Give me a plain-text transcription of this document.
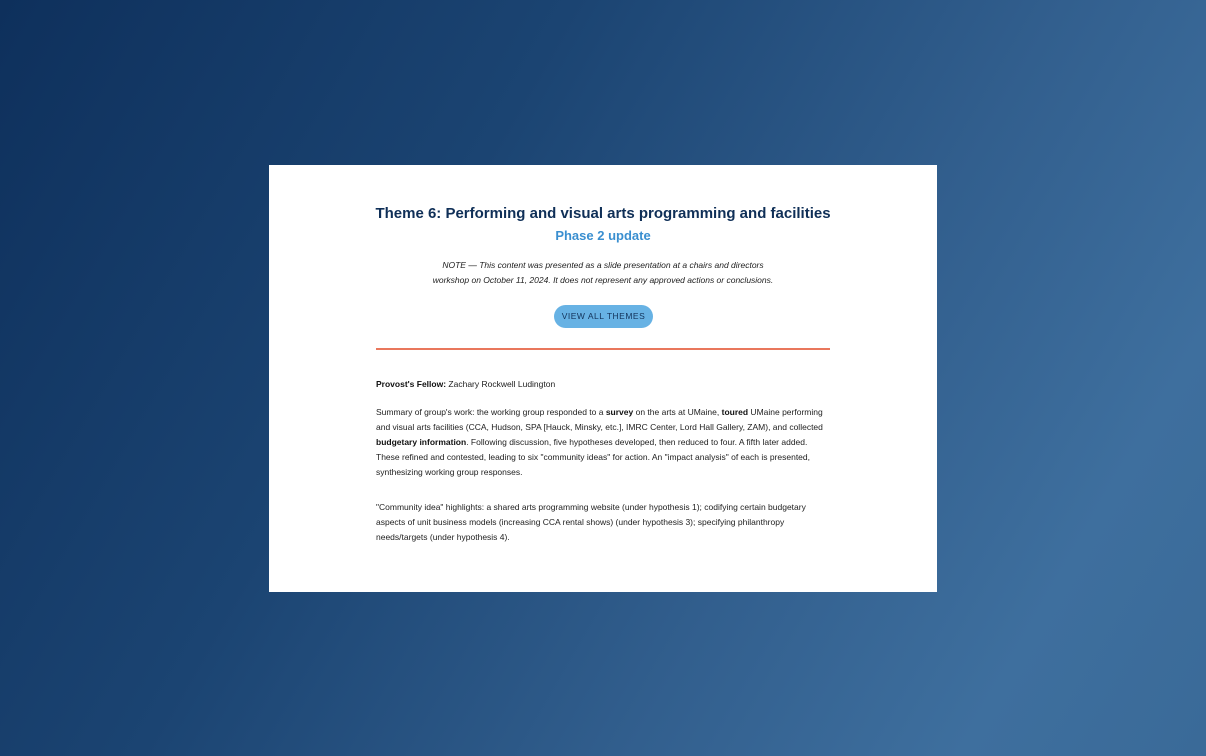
Theme 6: Performing and visual arts programming and facilities
Phase 2 update
NOTE — This content was presented as a slide presentation at a chairs and directors
workshop on October 11, 2024. It does not represent any approved actions or conclusions.
VIEW ALL THEMES
Provost's Fellow: Zachary Rockwell Ludington
Summary of group's work: the working group responded to a survey on the arts at UMaine, toured UMaine performing and visual arts facilities (CCA, Hudson, SPA [Hauck, Minsky, etc.], IMRC Center, Lord Hall Gallery, ZAM), and collected budgetary information. Following discussion, five hypotheses developed, then reduced to four. A fifth later added. These refined and contested, leading to six "community ideas" for action. An "impact analysis" of each is presented, synthesizing working group responses.
"Community idea" highlights: a shared arts programming website (under hypothesis 1); codifying certain budgetary aspects of unit business models (increasing CCA rental shows) (under hypothesis 3); specifying philanthropy needs/targets (under hypothesis 4).
